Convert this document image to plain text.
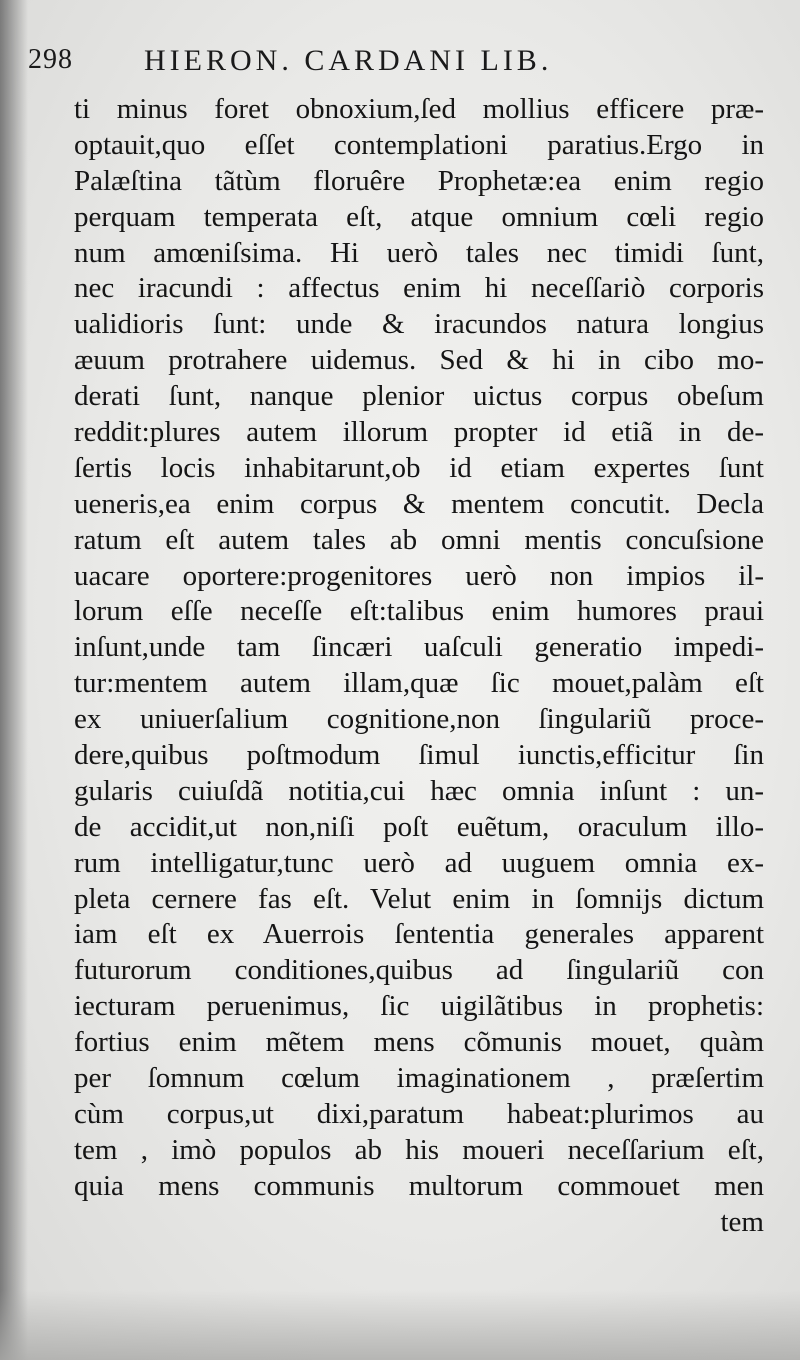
298 HIERON. CARDANI LIB.
ti minus foret obnoxium,ſed mollius efficere præ-
optauit,quo eſſet contemplationi paratius.Ergo in
Palæſtina tãtùm floruêre Prophetæ:ea enim regio
perquam temperata eſt, atque omnium cœli regio
num amœniſsima. Hi uerò tales nec timidi ſunt,
nec iracundi : affectus enim hi neceſſariò corporis
ualidioris ſunt: unde & iracundos natura longius
æuum protrahere uidemus. Sed & hi in cibo mo-
derati ſunt, nanque plenior uictus corpus obeſum
reddit:plures autem illorum propter id etiã in de-
ſertis locis inhabitarunt,ob id etiam expertes ſunt
ueneris,ea enim corpus & mentem concutit. Decla
ratum eſt autem tales ab omni mentis concuſsione
uacare oportere:progenitores uerò non impios il-
lorum eſſe neceſſe eſt:talibus enim humores praui
inſunt,unde tam ſincæri uaſculi generatio impedi-
tur:mentem autem illam,quæ ſic mouet,palàm eſt
ex uniuerſalium cognitione,non ſingulariũ proce-
dere,quibus poſtmodum ſimul iunctis,efficitur ſin
gularis cuiuſdã notitia,cui hæc omnia inſunt : un-
de accidit,ut non,niſi poſt euẽtum, oraculum illo-
rum intelligatur,tunc uerò ad uuguem omnia ex-
pleta cernere fas eſt. Velut enim in ſomnijs dictum
iam eſt ex Auerrois ſententia generales apparent
futurorum conditiones,quibus ad ſingulariũ con
iecturam peruenimus, ſic uigilãtibus in prophetis:
fortius enim mẽtem mens cõmunis mouet, quàm
per ſomnum cœlum imaginationem , præſertim
cùm corpus,ut dixi,paratum habeat:plurimos au
tem , imò populos ab his moueri neceſſarium eſt,
quia mens communis multorum commouet men
tem
